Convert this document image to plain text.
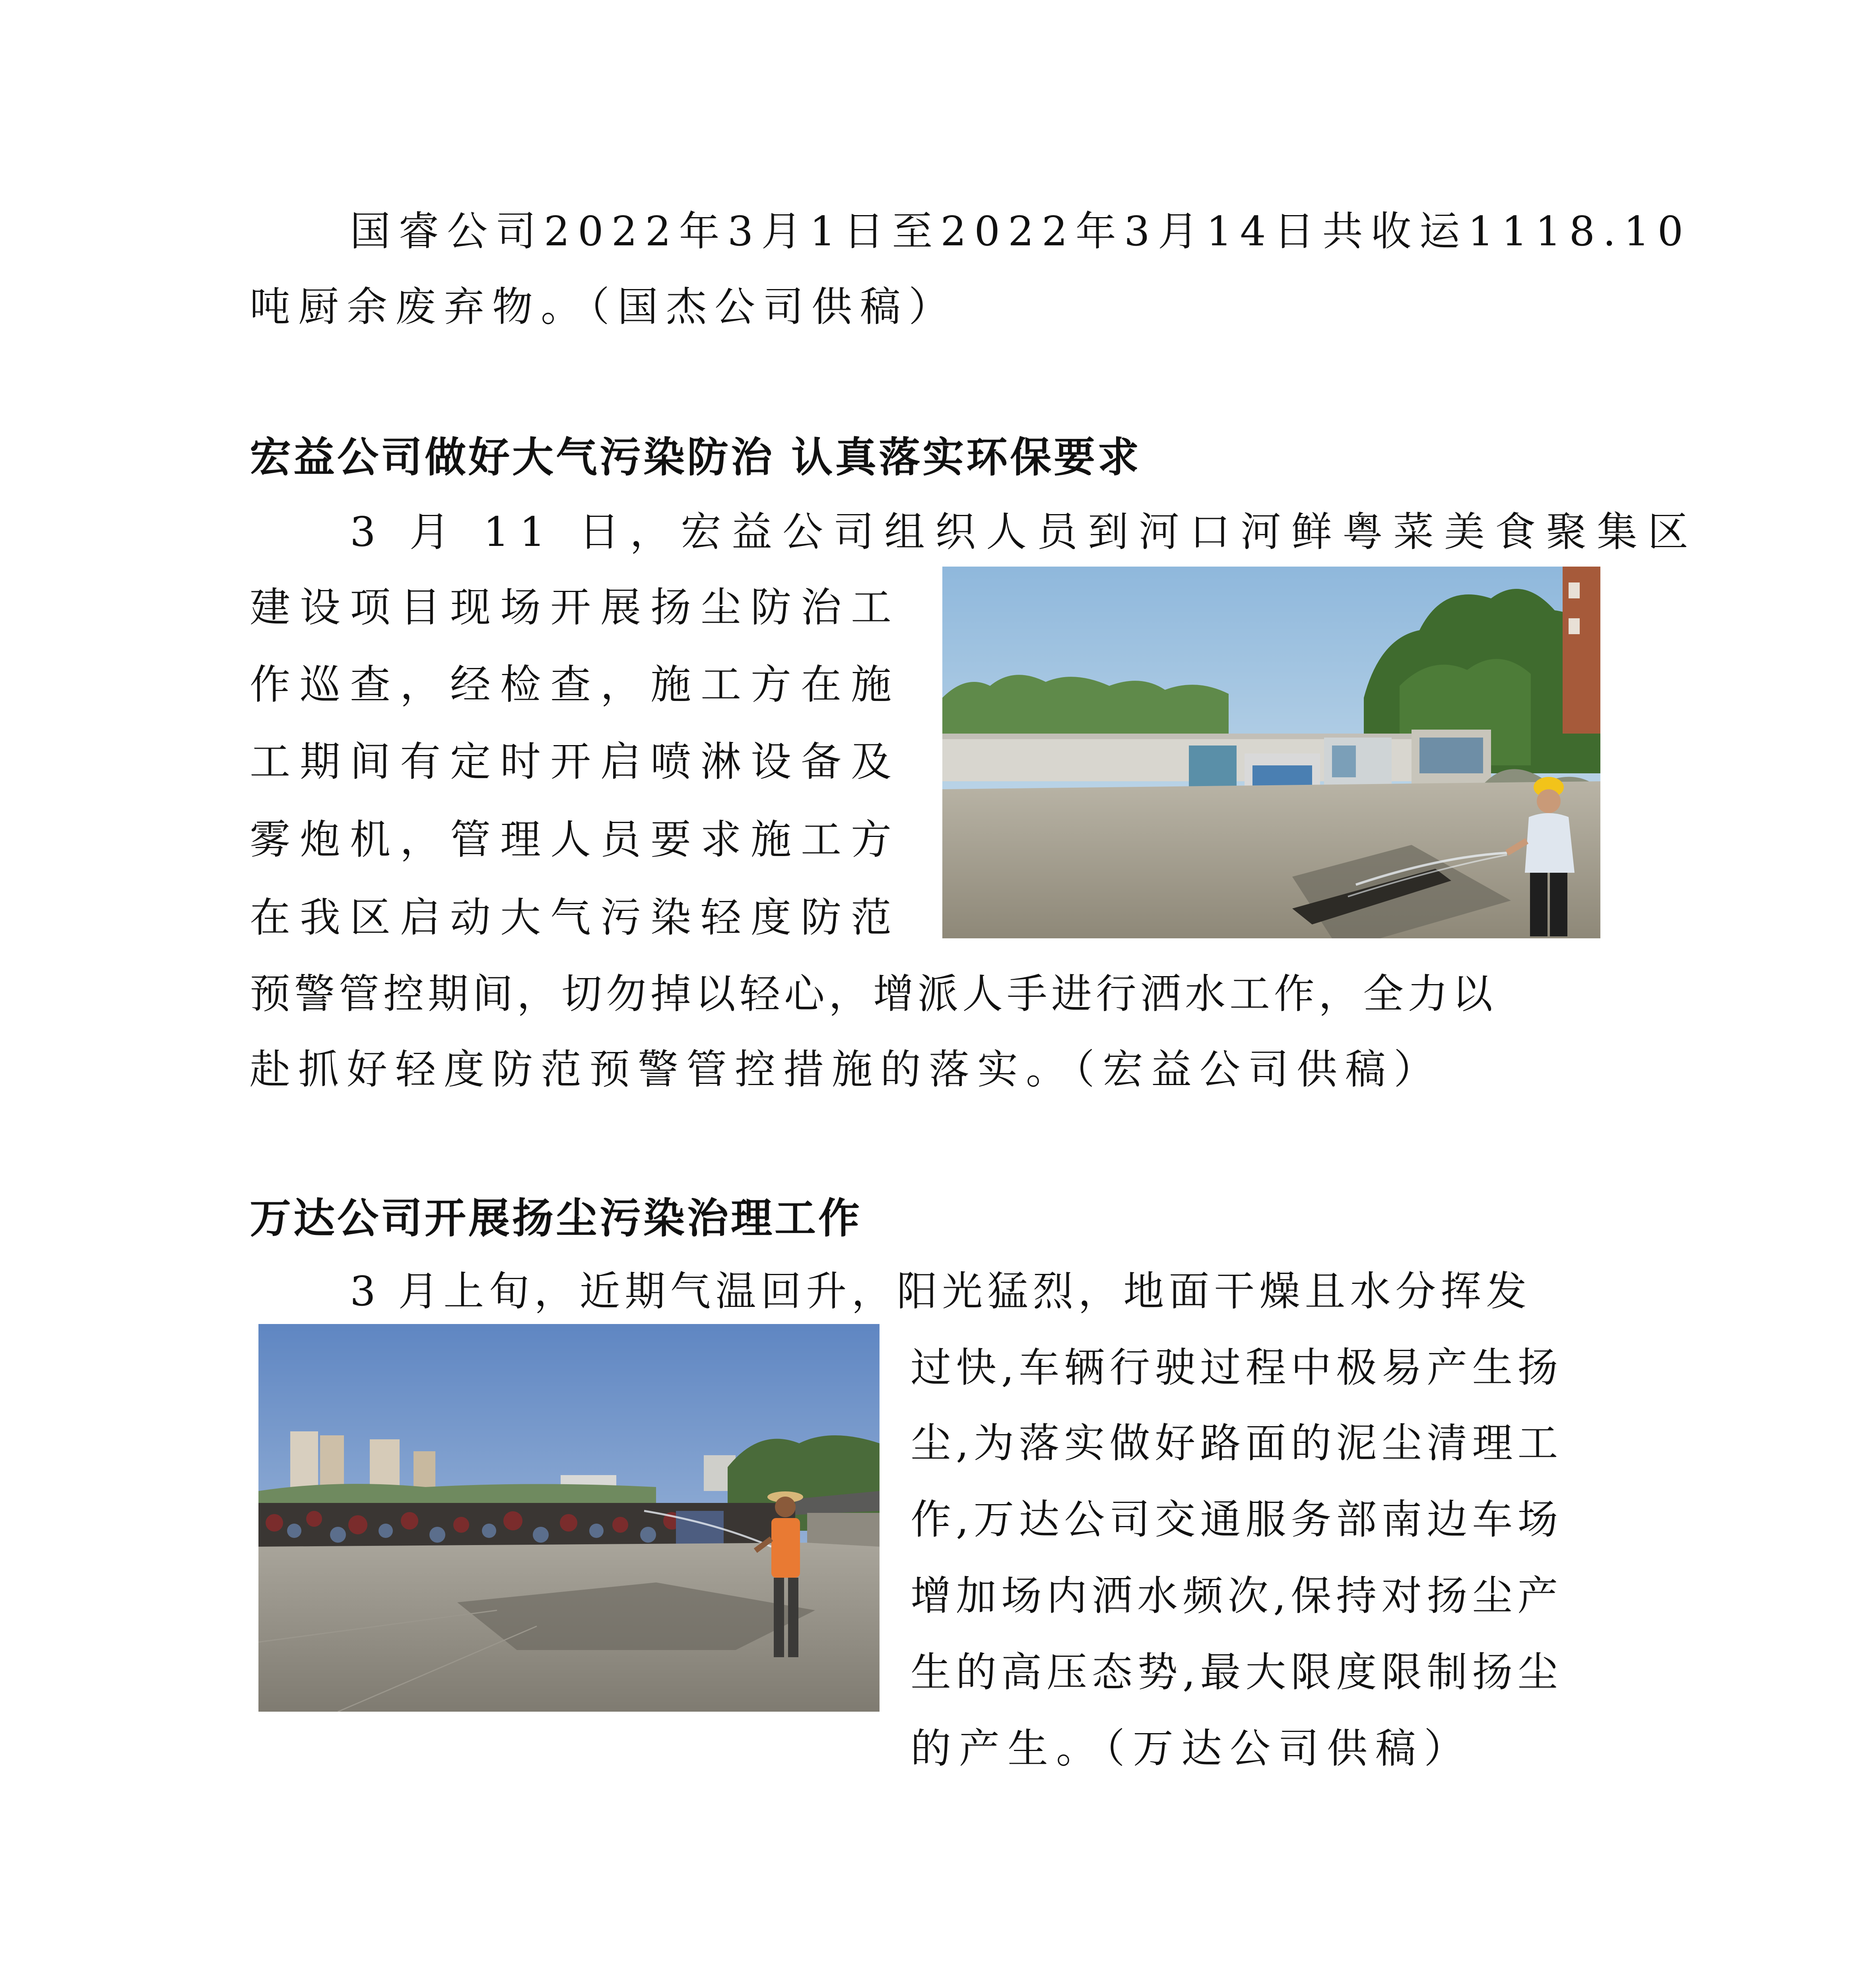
国睿公司2022年3月1日至2022年3月14日共收运1118.10
吨厨余废弃物。（国杰公司供稿）
宏益公司做好大气污染防治 认真落实环保要求
3 月 11 日，宏益公司组织人员到河口河鲜粤菜美食聚集区
建设项目现场开展扬尘防治工
作巡查，经检查，施工方在施
工期间有定时开启喷淋设备及
雾炮机，管理人员要求施工方
在我区启动大气污染轻度防范
预警管控期间，切勿掉以轻心，增派人手进行洒水工作，全力以
赴抓好轻度防范预警管控措施的落实。（宏益公司供稿）
万达公司开展扬尘污染治理工作
3 月上旬，近期气温回升，阳光猛烈，地面干燥且水分挥发
过快,车辆行驶过程中极易产生扬
尘,为落实做好路面的泥尘清理工
作,万达公司交通服务部南边车场
增加场内洒水频次,保持对扬尘产
生的高压态势,最大限度限制扬尘
的产生。（万达公司供稿）
